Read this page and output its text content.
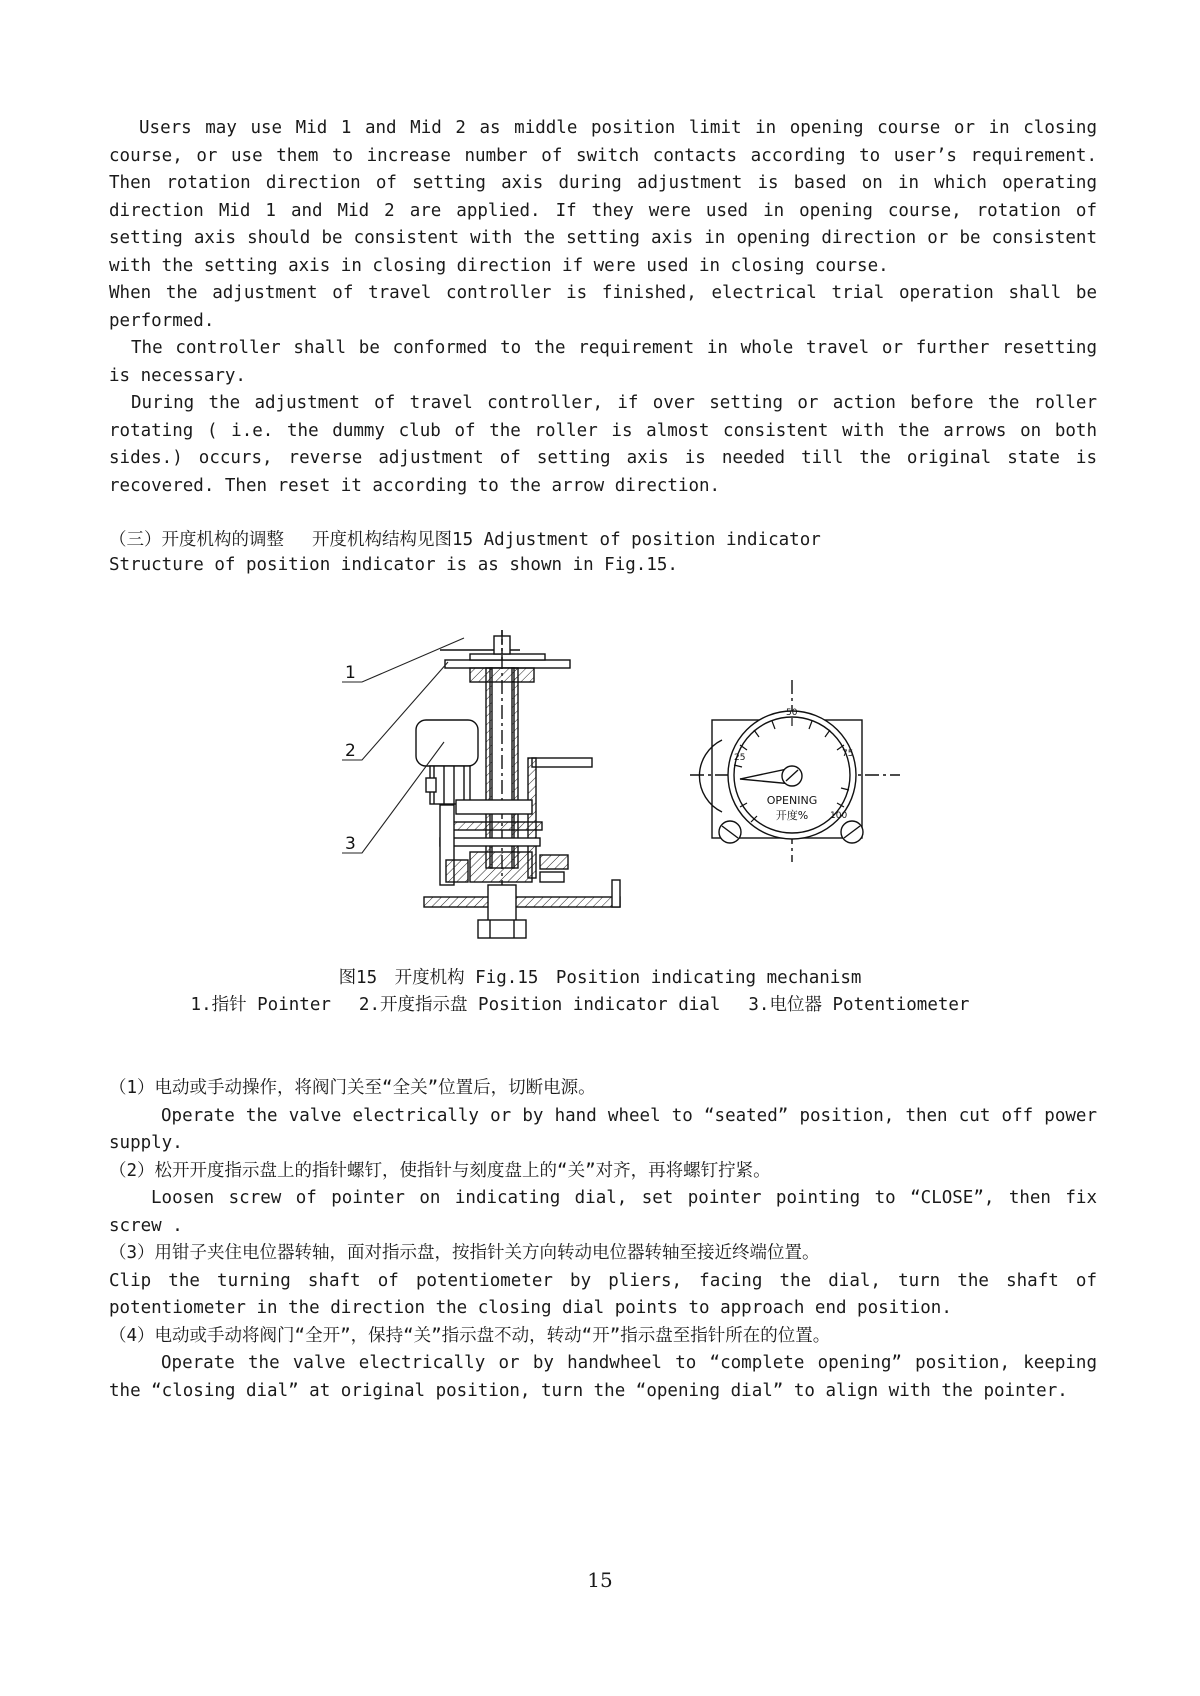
Users may use Mid 1 and Mid 2 as middle position limit in opening course or in closing course, or use them to increase number of switch contacts according to user’s requirement. Then rotation direction of setting axis during adjustment is based on in which operating direction Mid 1 and Mid 2 are applied. If they were used in opening course, rotation of setting axis should be consistent with the setting axis in opening direction or be consistent with the setting axis in closing direction if were used in closing course.

When the adjustment of travel controller is finished, electrical trial operation shall be performed.

The controller shall be conformed to the requirement in whole travel or further resetting is necessary.

During the adjustment of travel controller, if over setting or action before the roller rotating ( i.e. the dummy club of the roller is almost consistent with the arrows on both sides.) occurs, reverse adjustment of setting axis is needed till the original state is recovered. Then reset it according to the arrow direction.

（三）开度机构的调整　 开度机构结构见图15 Adjustment of position indicator

Structure of position indicator is as shown in Fig.15.

1
2
3
50
25	75
100
OPENING
开度%
图15　开度机构 Fig.15　Position indicating mechanism
1.指针 Pointer　 2.开度指示盘 Position indicator dial　 3.电位器 Potentiometer

（1）电动或手动操作，将阀门关至“全关”位置后，切断电源。

Operate the valve electrically or by hand wheel to “seated” position, then cut off power supply.

（2）松开开度指示盘上的指针螺钉，使指针与刻度盘上的“关”对齐，再将螺钉拧紧。

Loosen screw of pointer on indicating dial, set pointer pointing to “CLOSE”, then fix screw .

（3）用钳子夹住电位器转轴，面对指示盘，按指针关方向转动电位器转轴至接近终端位置。

Clip the turning shaft of potentiometer by pliers, facing the dial, turn the shaft of potentiometer in the direction the closing dial points to approach end position.

（4）电动或手动将阀门“全开”，保持“关”指示盘不动，转动“开”指示盘至指针所在的位置。

Operate the valve electrically or by handwheel to “complete opening” position, keeping the “closing dial” at original position, turn the “opening dial” to align with the pointer.

15
